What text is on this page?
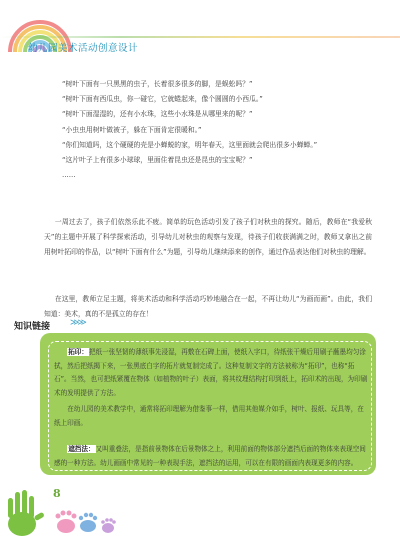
幼儿园美术活动创意设计
“树叶下面有一只黑黑的虫子，长着很多很多的脚，是蜈蚣吗？”
“树叶下面有西瓜虫，你一碰它，它就蜷起来，像个圆圆的小西瓜。”
“树叶下面湿湿的，还有小水珠，这些小水珠是从哪里来的呢？”
“小虫虫用树叶做被子，躲在下面肯定很暖和。”
“你们知道吗，这个硬硬的壳是小蝉蜕的家，明年春天，这里面就会爬出很多小蝉蝉。”
“这片叶子上有很多小球球，里面住着昆虫还是昆虫的宝宝呢？”
……
一周过去了，孩子们依然乐此不疲。简单的玩色活动引发了孩子们对秋虫的探究。随后，教师在“我爱秋天”的主题中开展了科学探索活动，引导幼儿对秋虫的观察与发现，待孩子们收获满满之时，教师又拿出之前用树叶拓印的作品，以“树叶下面有什么”为题，引导幼儿继续添来的创作，通过作品表达他们对秋虫的理解。
在这里，教师立足主题，将美术活动和科学活动巧妙地融合在一起，不再让幼儿“为画而画”。由此，我们知道：美术，真的不是孤立的存在！
知识链接 ≫≫
拓印：把纸一张坚韧的薄纸事先浸湿，再敷在石碑上面，使纸入字口，待纸张干燥后用刷子蘸墨均匀涂拭，然后把纸揭下来，一张黑底白字的拓片就复制完成了。这种复制文字的方法被称为“拓印”，也称“拓石”。当然，也可把纸紧覆在物体（如植物的叶子）表面，将其纹理结构打印到纸上，拓印术的出现，为印刷术的发明提供了方法。
在幼儿园的美术教学中，通常将拓印理解为借鉴事一样，借用其他媒介如手，树叶、报纸、玩具等，在纸上印画。
遮挡法：又叫重叠法，是指前景物体在后景物体之上，利用前面的物体部分遮挡后面的物体来表现空间感的一种方法。幼儿画画中常见的一种表现手法，遮挡法的运用，可以在有限的画面内表现更多的内容。
8
